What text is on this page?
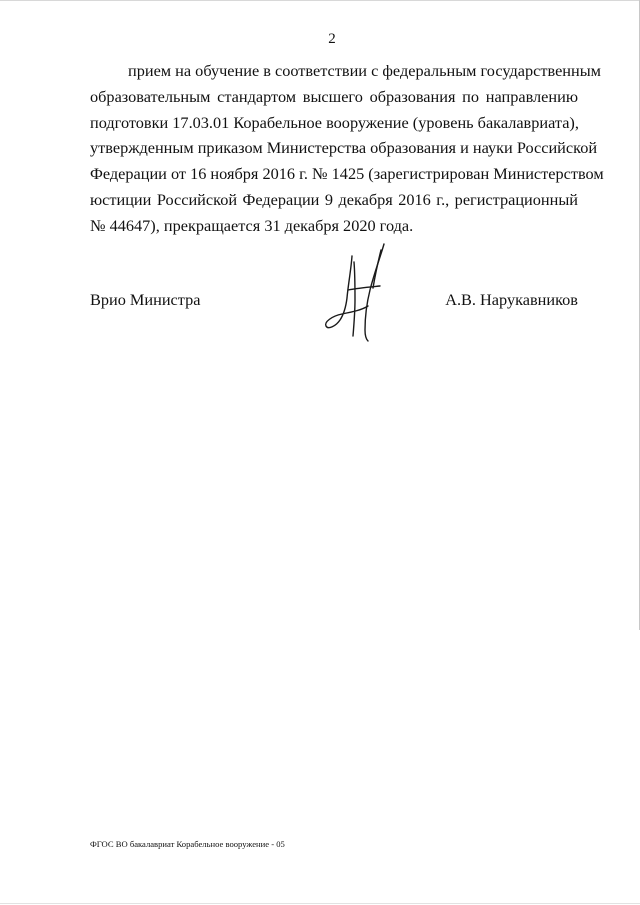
2
прием на обучение в соответствии с федеральным государственным
образовательным стандартом высшего образования по направлению
подготовки 17.03.01 Корабельное вооружение (уровень бакалавриата),
утвержденным приказом Министерства образования и науки Российской
Федерации от 16 ноября 2016 г. № 1425 (зарегистрирован Министерством
юстиции Российской Федерации 9 декабря 2016 г., регистрационный
№ 44647), прекращается 31 декабря 2020 года.
Врио Министра	А.В. Нарукавников
ФГОС ВО бакалавриат Корабельное вооружение - 05
